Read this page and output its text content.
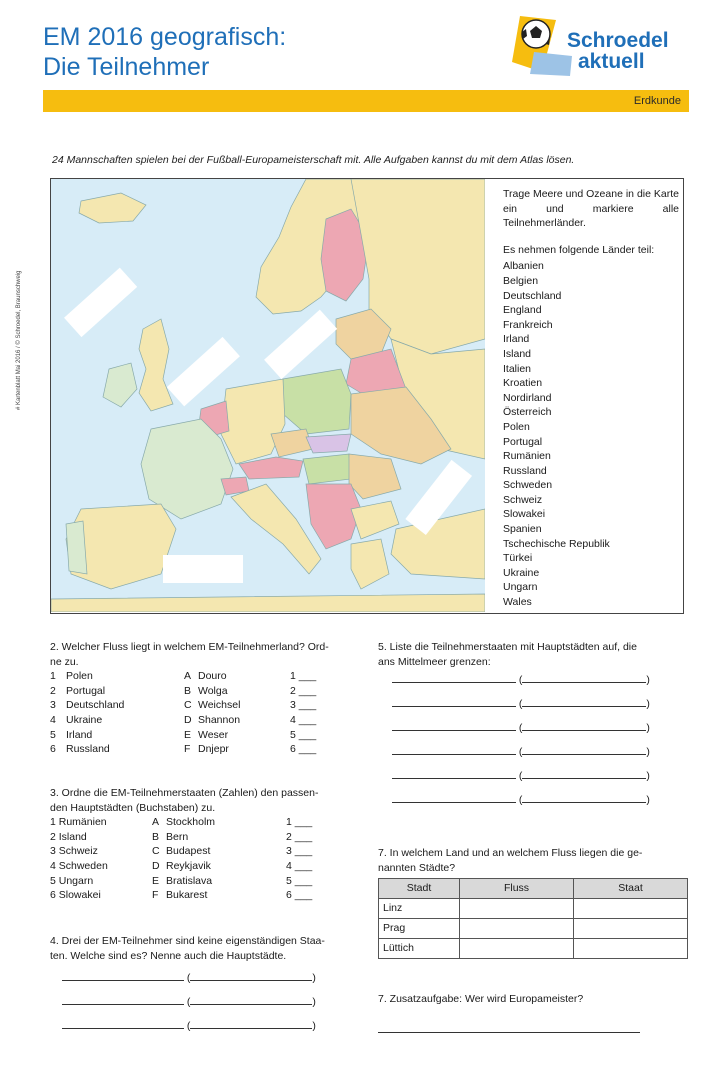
EM 2016 geografisch:
Die Teilnehmer
Schroedel
aktuell
Erdkunde
# Kartenblatt Mai 2016 / © Schroedel, Braunschweig
24 Mannschaften spielen bei der Fußball-Europameisterschaft mit. Alle Aufgaben kannst du mit dem Atlas lösen.
Trage Meere und Ozeane in die Karte ein und markiere alle Teilnehmerländer.
Es nehmen folgende Länder teil:
Albanien
Belgien
Deutschland
England
Frankreich
Irland
Island
Italien
Kroatien
Nordirland
Österreich
Polen
Portugal
Rumänien
Russland
Schweden
Schweiz
Slowakei
Spanien
Tschechische Republik
Türkei
Ukraine
Ungarn
Wales
2. Welcher Fluss liegt in welchem EM-Teilnehmerland? Ord-
ne zu.
1 Polen	A Douro	1 ___
2 Portugal	B Wolga	2 ___
3 Deutschland	C Weichsel	3 ___
4 Ukraine	D Shannon	4 ___
5 Irland	E Weser	5 ___
6 Russland	F Dnjepr	6 ___
3. Ordne die EM-Teilnehmerstaaten (Zahlen) den passen-
den Hauptstädten (Buchstaben) zu.
1 Rumänien	A Stockholm	1 ___
2 Island	B Bern	2 ___
3 Schweiz	C Budapest	3 ___
4 Schweden	D Reykjavik	4 ___
5 Ungarn	E Bratislava	5 ___
6 Slowakei	F Bukarest	6 ___
4. Drei der EM-Teilnehmer sind keine eigenständigen Staa-
ten. Welche sind es? Nenne auch die Hauptstädte.
(	)
(	)
(	)
5. Liste die Teilnehmerstaaten mit Hauptstädten auf, die
ans Mittelmeer grenzen:
(	)
(	)
(	)
(	)
(	)
(	)
7. In welchem Land und an welchem Fluss liegen die ge-
nannten Städte?
Stadt	Fluss	Staat
Linz		
Prag		
Lüttich		
7. Zusatzaufgabe: Wer wird Europameister?
